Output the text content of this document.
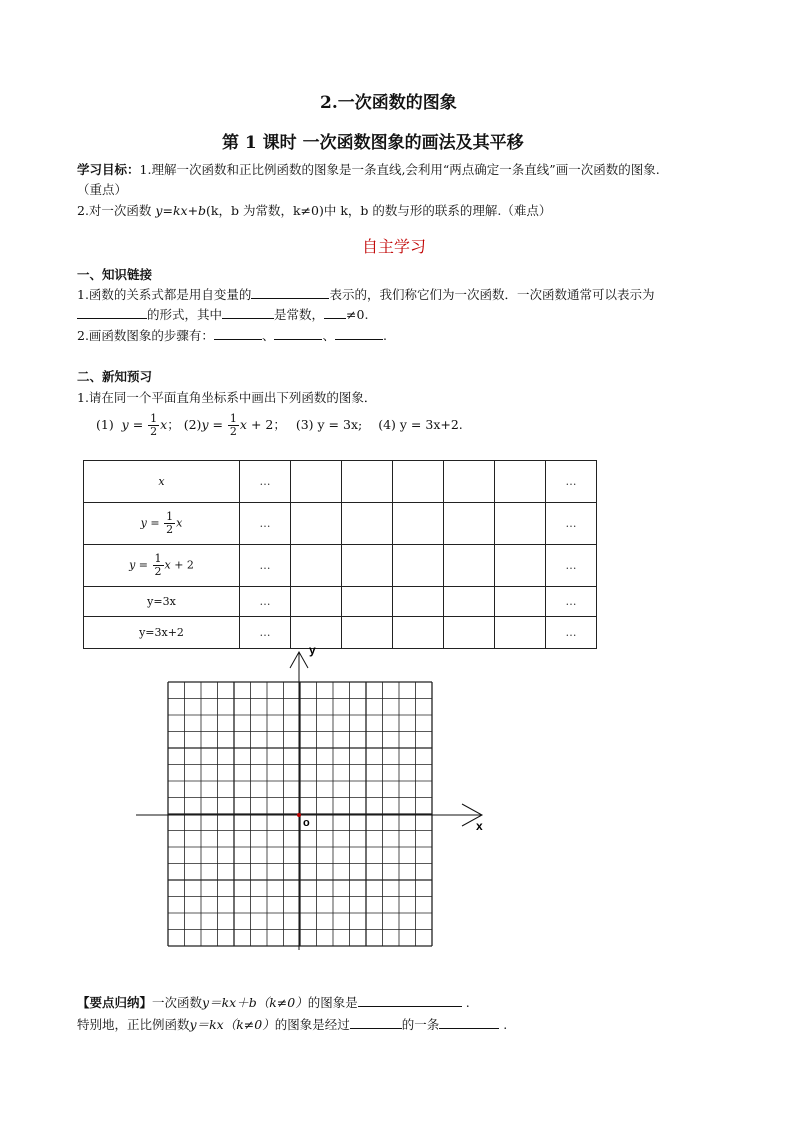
2.一次函数的图象
第 1 课时 一次函数图象的画法及其平移
学习目标：1.理解一次函数和正比例函数的图象是一条直线,会利用“两点确定一条直线”画一次函数的图象.
（重点）
2.对一次函数 y=kx+b(k，b 为常数，k≠0)中 k，b 的数与形的联系的理解.（难点）
自主学习
一、知识链接
1.函数的关系式都是用自变量的	表示的，我们称它们为一次函数．一次函数通常可以表示为
的形式，其中	是常数， ≠0.
2.画函数图象的步骤有：	、	、	.
二、新知预习
1.请在同一个平面直角坐标系中画出下列函数的图象．
(1)  $y = \frac{1}{2}$ x； $(2)y = \frac{1}{2}$ x + 2； (3) y = 3x; (4) y = 3x+2.
x	…						…
$y = \frac{1}{2}$ x	…						…
$y = \frac{1}{2}$ x + 2	…						…
y=3x	…						…
y=3x+2	…						…
x
y
o
【要点归纳】一次函数y＝kx＋b（k≠0）的图象是	.
特别地，正比例函数y＝kx（k≠0）的图象是经过	的一条	.
